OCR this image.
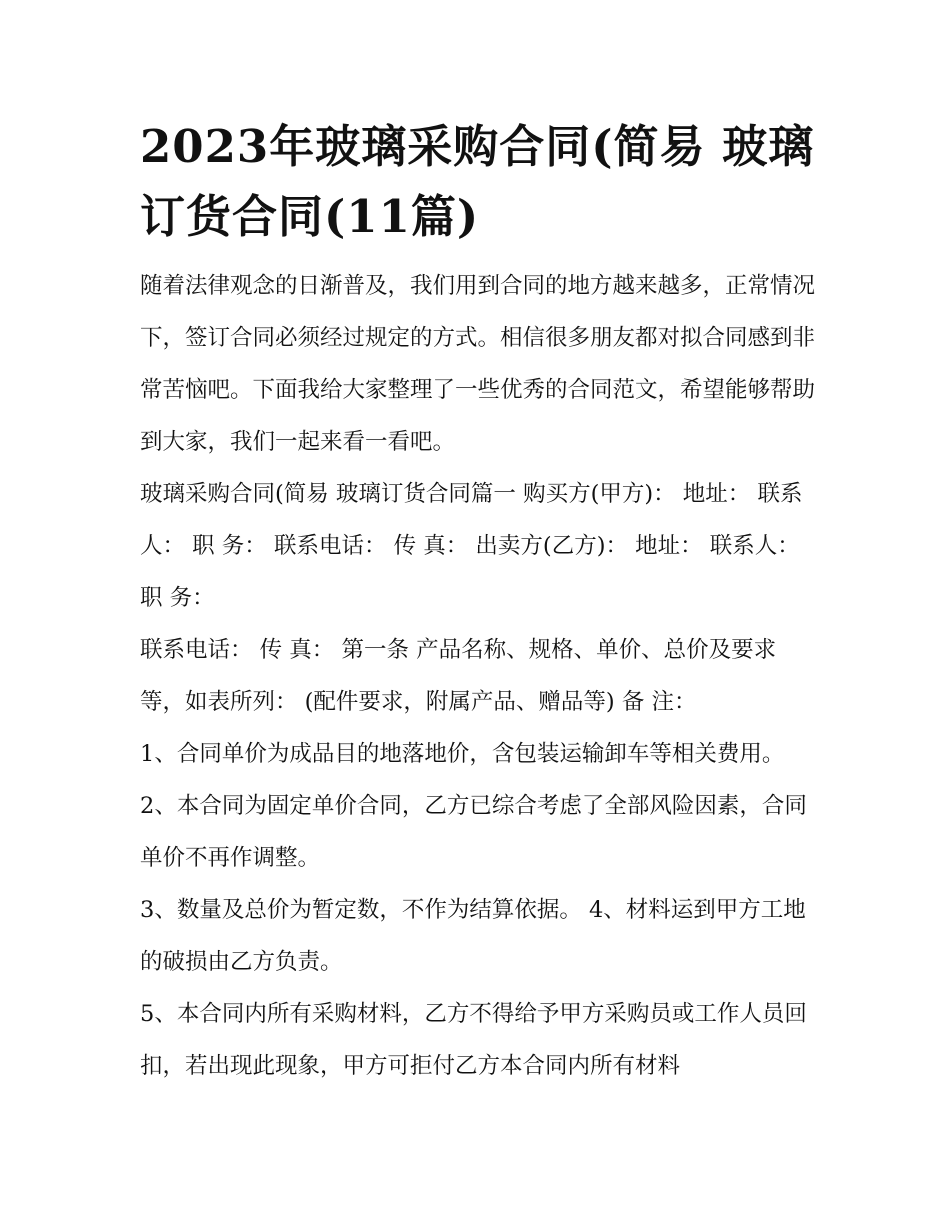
2023年玻璃采购合同(简易 玻璃订货合同(11篇)

随着法律观念的日渐普及，我们用到合同的地方越来越多，正常情况下，签订合同必须经过规定的方式。相信很多朋友都对拟合同感到非常苦恼吧。下面我给大家整理了一些优秀的合同范文，希望能够帮助到大家，我们一起来看一看吧。

玻璃采购合同(简易 玻璃订货合同篇一 购买方(甲方)： 地址： 联系人： 职 务： 联系电话： 传 真： 出卖方(乙方)： 地址： 联系人： 职 务：

联系电话： 传 真： 第一条 产品名称、规格、单价、总价及要求等，如表所列： (配件要求，附属产品、赠品等) 备 注：

1、合同单价为成品目的地落地价，含包装运输卸车等相关费用。 2、本合同为固定单价合同，乙方已综合考虑了全部风险因素，合同单价不再作调整。

3、数量及总价为暂定数，不作为结算依据。 4、材料运到甲方工地的破损由乙方负责。

5、本合同内所有采购材料，乙方不得给予甲方采购员或工作人员回扣，若出现此现象，甲方可拒付乙方本合同内所有材料
